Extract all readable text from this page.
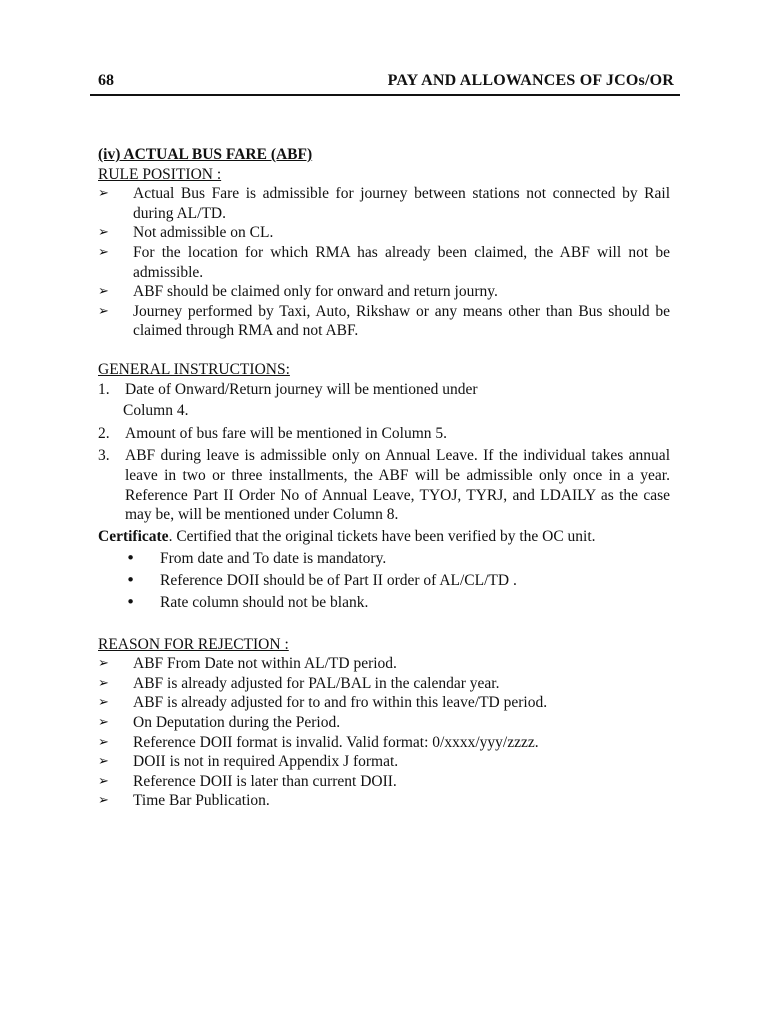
68	PAY AND ALLOWANCES OF JCOs/OR

(iv) ACTUAL BUS FARE (ABF)

RULE POSITION :

➢ Actual Bus Fare is admissible for journey between stations not connected by Rail during AL/TD.
➢ Not admissible on CL.
➢ For the location for which RMA has already been claimed, the ABF will not be admissible.
➢ ABF should be claimed only for onward and return journy.
➢ Journey performed by Taxi, Auto, Rikshaw or any means other than Bus should be claimed through RMA and not ABF.

GENERAL INSTRUCTIONS:

1. Date of Onward/Return journey will be mentioned under
Column 4.
2. Amount of bus fare will be mentioned in Column 5.
3. ABF during leave is admissible only on Annual Leave. If the individual takes annual leave in two or three installments, the ABF will be admissible only once in a year. Reference Part II Order No of Annual Leave, TYOJ, TYRJ, and LDAILY as the case may be, will be mentioned under Column 8.

Certificate. Certified that the original tickets have been verified by the OC unit.

• From date and To date is mandatory.
• Reference DOII should be of Part II order of AL/CL/TD .
• Rate column should not be blank.

REASON FOR REJECTION :

➢ ABF From Date not within AL/TD period.
➢ ABF is already adjusted for PAL/BAL in the calendar year.
➢ ABF is already adjusted for to and fro within this leave/TD period.
➢ On Deputation during the Period.
➢ Reference DOII format is invalid. Valid format: 0/xxxx/yyy/zzzz.
➢ DOII is not in required Appendix J format.
➢ Reference DOII is later than current DOII.
➢ Time Bar Publication.
